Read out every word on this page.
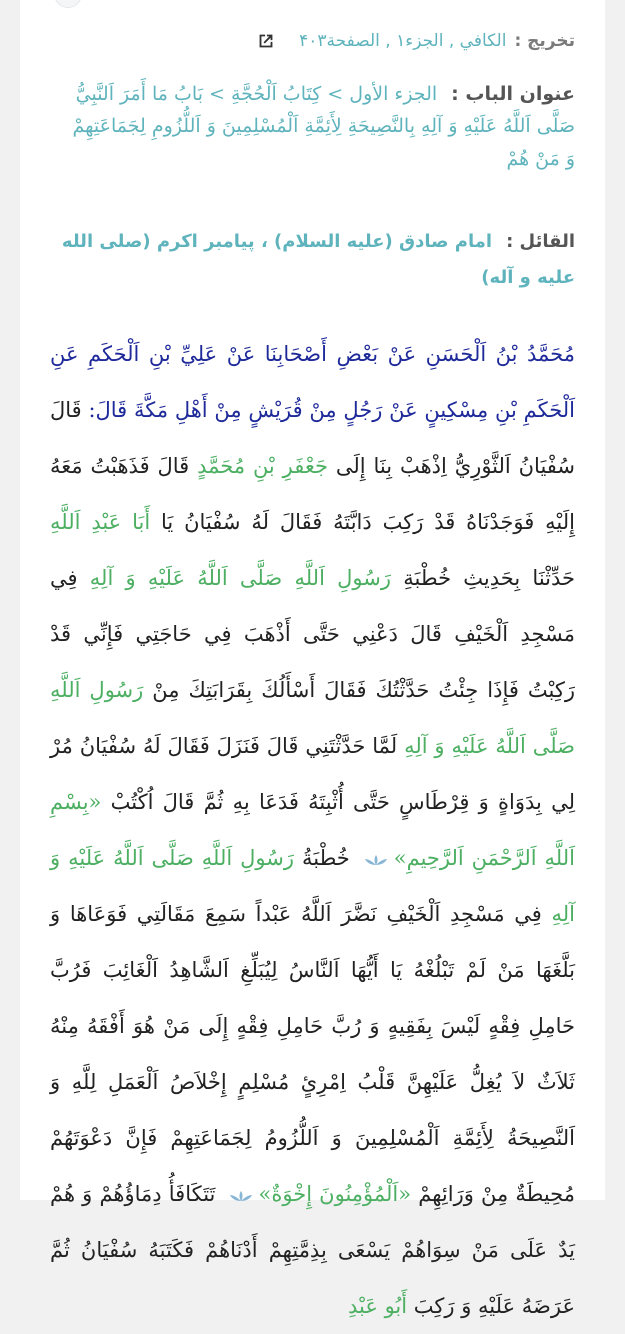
تخریج :
الکافي , الجزء۱ , الصفحة۴۰۳
عنوان الباب :الجزء الأول > كِتَابُ اَلْحُجَّةِ > بَابُ مَا أَمَرَ اَلنَّبِيُّ صَلَّى اَللَّهُ عَلَيْهِ وَ آلِهِ بِالنَّصِيحَةِ لِأَئِمَّةِ اَلْمُسْلِمِينَ وَ اَللُّزُومِ لِجَمَاعَتِهِمْ وَ مَنْ هُمْ
القائل :امام صادق (علیه السلام) ، پیامبر اکرم (صلی الله علیه و آله)
مُحَمَّدُ بْنُ اَلْحَسَنِ عَنْ بَعْضِ أَصْحَابِنَا عَنْ عَلِيِّ بْنِ اَلْحَكَمِ عَنِ اَلْحَكَمِ بْنِ مِسْكِينٍ عَنْ رَجُلٍ مِنْ قُرَيْشٍ مِنْ أَهْلِ مَكَّةَ قَالَ: قَالَ سُفْيَانُ اَلثَّوْرِيُّ اِذْهَبْ بِنَا إِلَى جَعْفَرِ بْنِ مُحَمَّدٍ قَالَ فَذَهَبْتُ مَعَهُ إِلَيْهِ فَوَجَدْنَاهُ قَدْ رَكِبَ دَابَّتَهُ فَقَالَ لَهُ سُفْيَانُ يَا أَبَا عَبْدِ اَللَّهِ حَدِّثْنَا بِحَدِيثِ خُطْبَةِ رَسُولِ اَللَّهِ صَلَّى اَللَّهُ عَلَيْهِ وَ آلِهِ فِي مَسْجِدِ اَلْخَيْفِ قَالَ دَعْنِي حَتَّى أَذْهَبَ فِي حَاجَتِي فَإِنِّي قَدْ رَكِبْتُ فَإِذَا جِئْتُ حَدَّثْتُكَ فَقَالَ أَسْأَلُكَ بِقَرَابَتِكَ مِنْ رَسُولِ اَللَّهِ صَلَّى اَللَّهُ عَلَيْهِ وَ آلِهِ لَمَّا حَدَّثْتَنِي قَالَ فَنَزَلَ فَقَالَ لَهُ سُفْيَانُ مُرْ لِي بِدَوَاةٍ وَ قِرْطَاسٍ حَتَّى أُثْبِتَهُ فَدَعَا بِهِ ثُمَّ قَالَ اُكْتُبْ «بِسْمِ اَللَّهِ اَلرَّحْمَنِ اَلرَّحِيمِ» خُطْبَةُ رَسُولِ اَللَّهِ صَلَّى اَللَّهُ عَلَيْهِ وَ آلِهِ فِي مَسْجِدِ اَلْخَيْفِ نَضَّرَ اَللَّهُ عَبْداً سَمِعَ مَقَالَتِي فَوَعَاهَا وَ بَلَّغَهَا مَنْ لَمْ تَبْلُغْهُ يَا أَيُّهَا اَلنَّاسُ لِيُبَلِّغِ اَلشَّاهِدُ اَلْغَائِبَ فَرُبَّ حَامِلِ فِقْهٍ لَيْسَ بِفَقِيهٍ وَ رُبَّ حَامِلِ فِقْهٍ إِلَى مَنْ هُوَ أَفْقَهُ مِنْهُ ثَلاَثٌ لاَ يُغِلُّ عَلَيْهِنَّ قَلْبُ اِمْرِئٍ مُسْلِمٍ إِخْلاَصُ اَلْعَمَلِ لِلَّهِ وَ اَلنَّصِيحَةُ لِأَئِمَّةِ اَلْمُسْلِمِينَ وَ اَللُّزُومُ لِجَمَاعَتِهِمْ فَإِنَّ دَعْوَتَهُمْ مُحِيطَةٌ مِنْ وَرَائِهِمْ «اَلْمُؤْمِنُونَ إِخْوَةٌ» تَتَكَافَأُ دِمَاؤُهُمْ وَ هُمْ يَدٌ عَلَى مَنْ سِوَاهُمْ يَسْعَى بِذِمَّتِهِمْ أَدْنَاهُمْ فَكَتَبَهُ سُفْيَانُ ثُمَّ عَرَضَهُ عَلَيْهِ وَ رَكِبَ أَبُو عَبْدِ
